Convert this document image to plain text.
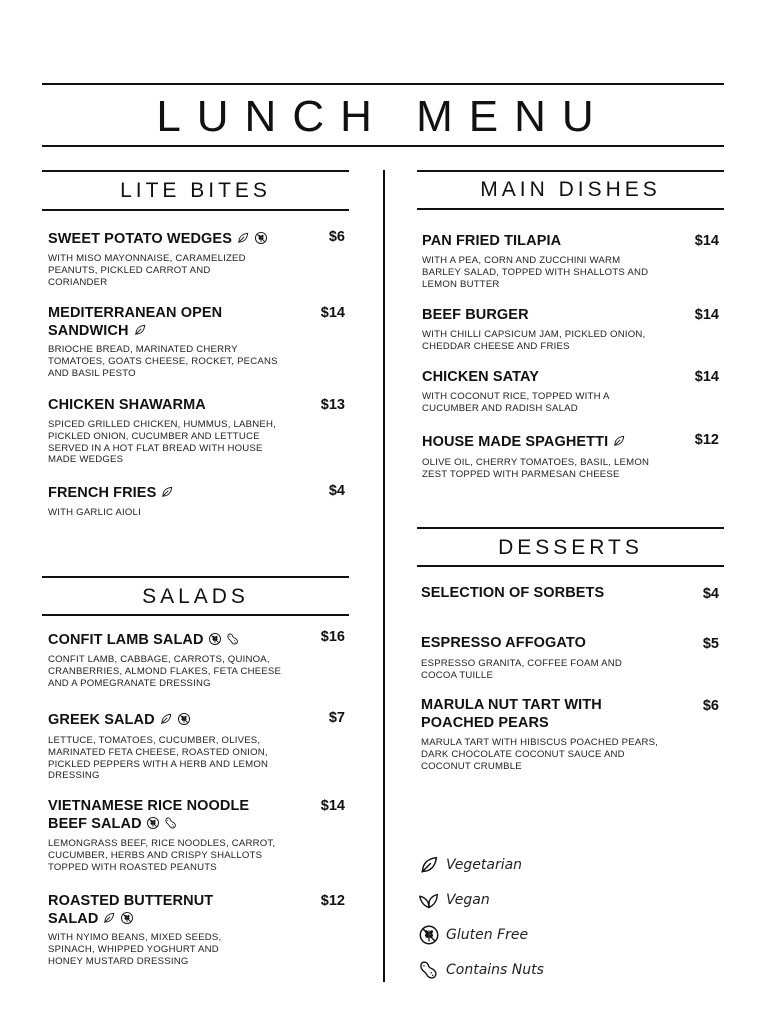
LUNCH MENU
LITE BITES
SWEET POTATO WEDGES	$6
WITH MISO MAYONNAISE, CARAMELIZED PEANUTS, PICKLED CARROT AND CORIANDER
MEDITERRANEAN OPEN SANDWICH
$14
BRIOCHE BREAD, MARINATED CHERRY TOMATOES, GOATS CHEESE, ROCKET, PECANS AND BASIL PESTO
CHICKEN SHAWARMA	$13
SPICED GRILLED CHICKEN, HUMMUS, LABNEH, PICKLED ONION, CUCUMBER AND LETTUCE SERVED IN A HOT FLAT BREAD WITH HOUSE MADE WEDGES
FRENCH FRIES	$4
WITH GARLIC AIOLI
SALADS
CONFIT LAMB SALAD	$16
CONFIT LAMB, CABBAGE, CARROTS, QUINOA, CRANBERRIES, ALMOND FLAKES, FETA CHEESE AND A POMEGRANATE DRESSING
GREEK SALAD	$7
LETTUCE, TOMATOES, CUCUMBER, OLIVES, MARINATED FETA CHEESE, ROASTED ONION, PICKLED PEPPERS WITH A HERB AND LEMON DRESSING
VIETNAMESE RICE NOODLE BEEF SALAD
$14
LEMONGRASS BEEF, RICE NOODLES, CARROT, CUCUMBER, HERBS AND CRISPY SHALLOTS TOPPED WITH ROASTED PEANUTS
ROASTED BUTTERNUT SALAD
$12
WITH NYIMO BEANS, MIXED SEEDS, SPINACH, WHIPPED YOGHURT AND HONEY MUSTARD DRESSING
MAIN DISHES
PAN FRIED TILAPIA	$14
WITH A PEA, CORN AND ZUCCHINI WARM BARLEY SALAD, TOPPED WITH SHALLOTS AND LEMON BUTTER
BEEF BURGER	$14
WITH CHILLI CAPSICUM JAM, PICKLED ONION, CHEDDAR CHEESE AND FRIES
CHICKEN SATAY	$14
WITH COCONUT RICE, TOPPED WITH A CUCUMBER AND RADISH SALAD
HOUSE MADE SPAGHETTI	$12
OLIVE OIL, CHERRY TOMATOES, BASIL, LEMON ZEST TOPPED WITH PARMESAN CHEESE
DESSERTS
SELECTION OF SORBETS	$4
ESPRESSO AFFOGATO	$5
ESPRESSO GRANITA, COFFEE FOAM AND COCOA TUILLE
MARULA NUT TART WITH POACHED PEARS
$6
MARULA TART WITH HIBISCUS POACHED PEARS, DARK CHOCOLATE COCONUT SAUCE AND COCONUT CRUMBLE
Vegetarian
Vegan
Gluten Free
Contains Nuts
